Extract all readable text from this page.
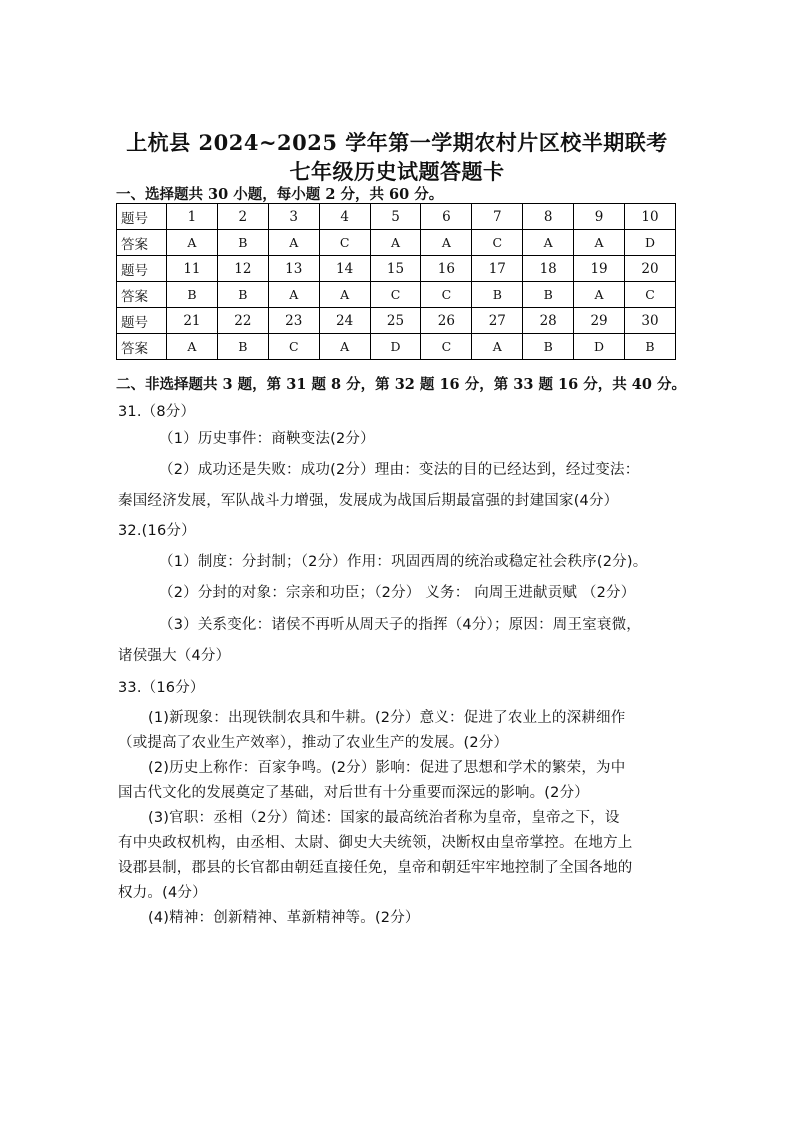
上杭县 2024~2025 学年第一学期农村片区校半期联考
七年级历史试题答题卡
一、选择题共 30 小题，每小题 2 分，共 60 分。
题号	1	2	3	4	5	6	7	8	9	10
答案	A	B	A	C	A	A	C	A	A	D
题号	11	12	13	14	15	16	17	18	19	20
答案	B	B	A	A	C	C	B	B	A	C
题号	21	22	23	24	25	26	27	28	29	30
答案	A	B	C	A	D	C	A	B	D	B
二、非选择题共 3 题，第 31 题 8 分，第 32 题 16 分，第 33 题 16 分，共 40 分。
31.（8分）
（1）历史事件：商鞅变法(2分）
（2）成功还是失败：成功(2分）理由：变法的目的已经达到，经过变法：
秦国经济发展，军队战斗力增强，发展成为战国后期最富强的封建国家(4分）
32.(16分）
（1）制度：分封制；（2分）作用：巩固西周的统治或稳定社会秩序(2分)。
（2）分封的对象：宗亲和功臣；（2分） 义务： 向周王进献贡赋 （2分）
（3）关系变化：诸侯不再听从周天子的指挥（4分）；原因：周王室衰微，
诸侯强大（4分）
33.（16分）
(1)新现象：出现铁制农具和牛耕。(2分）意义：促进了农业上的深耕细作
（或提高了农业生产效率），推动了农业生产的发展。(2分）
(2)历史上称作：百家争鸣。(2分）影响：促进了思想和学术的繁荣，为中
国古代文化的发展奠定了基础，对后世有十分重要而深远的影响。(2分）
(3)官职：丞相（2分）简述：国家的最高统治者称为皇帝，皇帝之下，设
有中央政权机构，由丞相、太尉、御史大夫统领，决断权由皇帝掌控。在地方上
设郡县制，郡县的长官都由朝廷直接任免，皇帝和朝廷牢牢地控制了全国各地的
权力。(4分）
(4)精神：创新精神、革新精神等。(2分）
